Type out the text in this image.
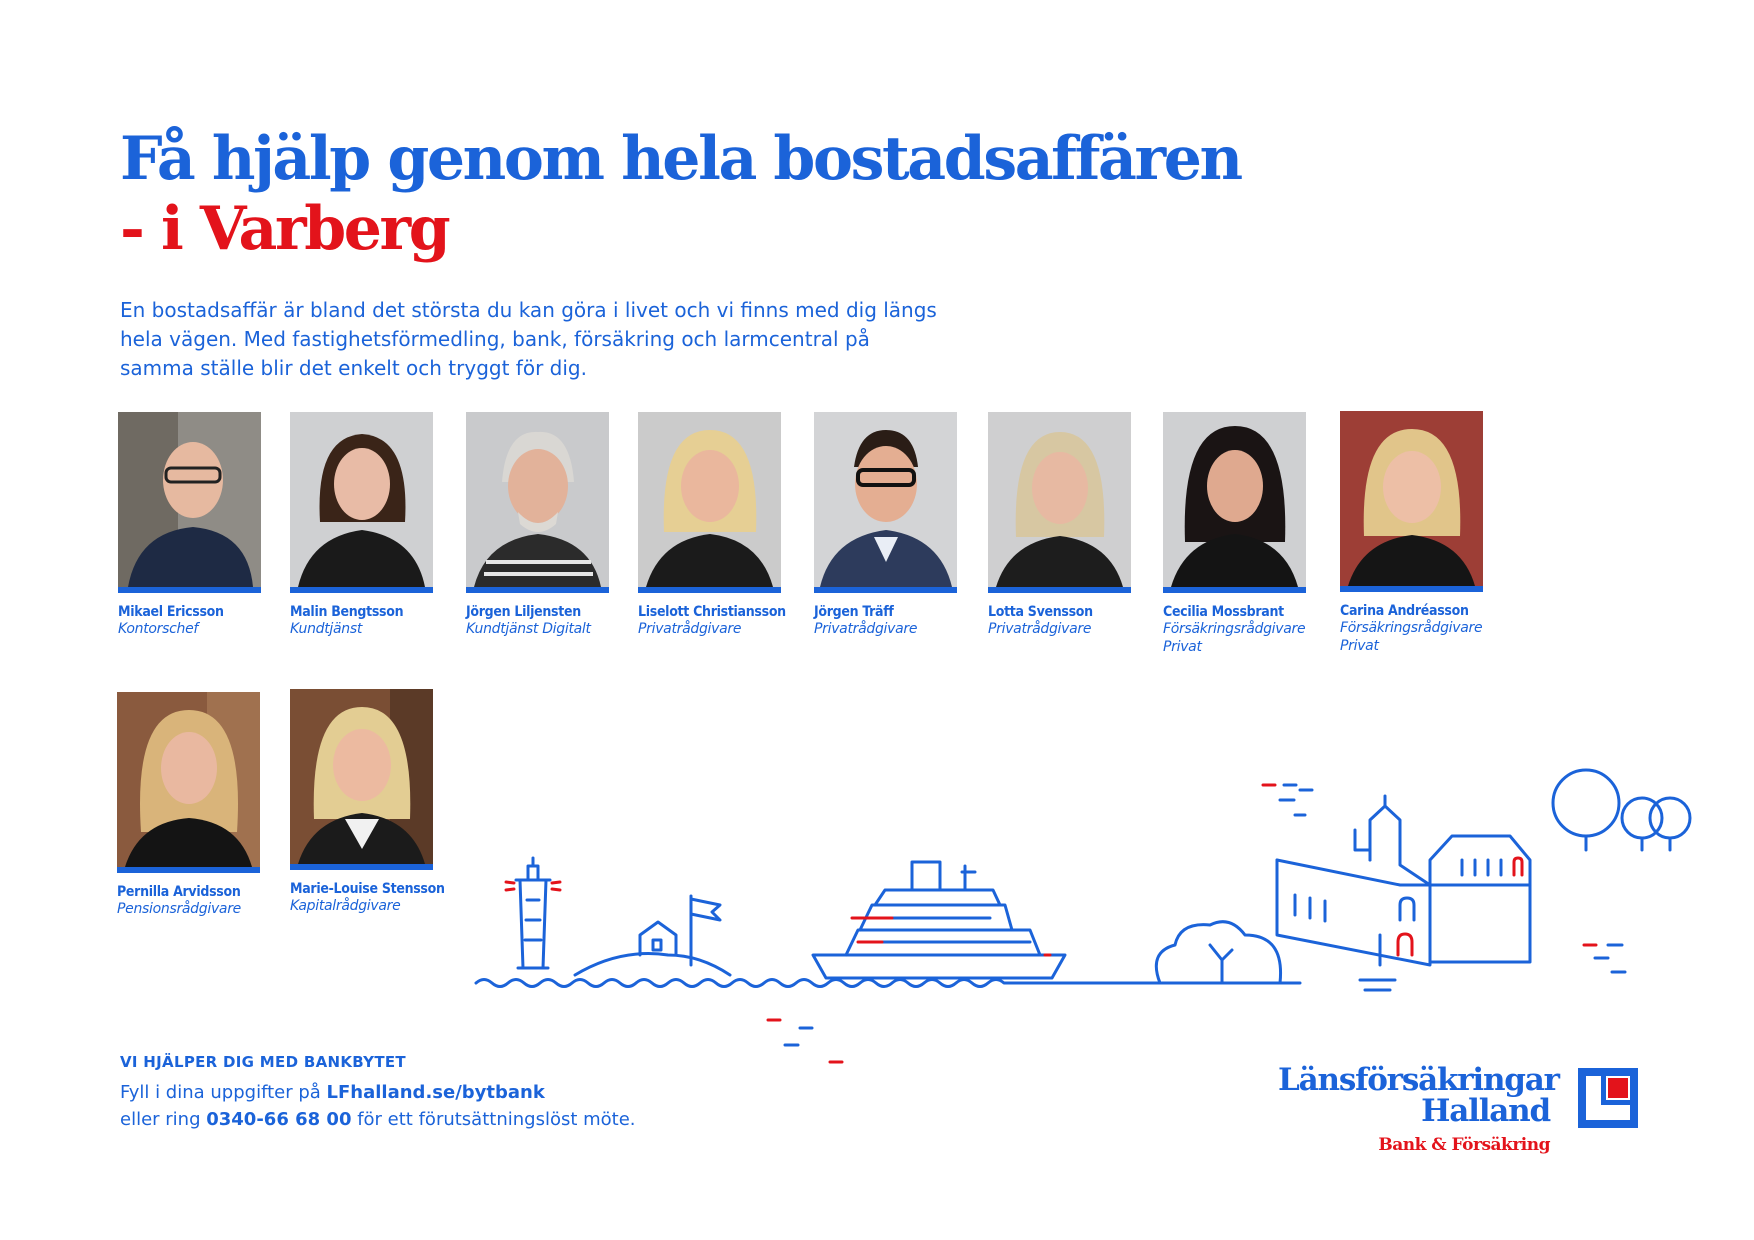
Få hjälp genom hela bostadsaffären
- i Varberg

En bostadsaffär är bland det största du kan göra i livet och vi finns med dig längs hela vägen. Med fastighetsförmedling, bank, försäkring och larmcentral på samma ställe blir det enkelt och tryggt för dig.

Mikael Ericsson
Kontorschef
Malin Bengtsson
Kundtjänst
Jörgen Liljensten
Kundtjänst Digitalt
Liselott Christiansson
Privatrådgivare
Jörgen Träff
Privatrådgivare
Lotta Svensson
Privatrådgivare
Cecilia Mossbrant
Försäkringsrådgivare
Privat
Carina Andréasson
Försäkringsrådgivare
Privat
Pernilla Arvidsson
Pensionsrådgivare
Marie-Louise Stensson
Kapitalrådgivare
VI HJÄLPER DIG MED BANKBYTET
Fyll i dina uppgifter på LFhalland.se/bytbank
eller ring 0340-66 68 00 för ett förutsättningslöst möte.
Länsförsäkringar
Halland
Bank & Försäkring
